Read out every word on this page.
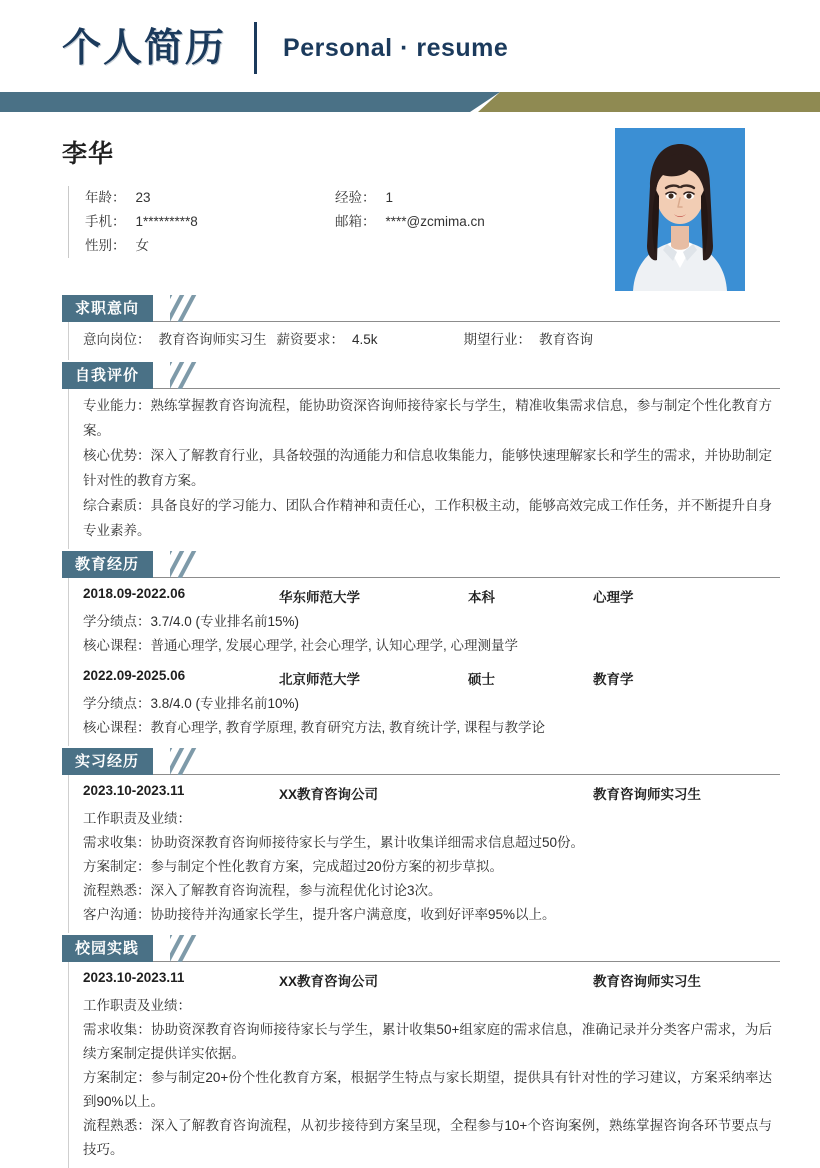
个人简历 Personal · resume
李华
年龄： 23	经验： 1
手机： 1*********8	邮箱： ****@zcmima.cn
性别： 女
求职意向
意向岗位： 教育咨询师实习生 薪资要求： 4.5k	期望行业： 教育咨询
自我评价
专业能力：熟练掌握教育咨询流程，能协助资深咨询师接待家长与学生，精准收集需求信息，参与制定个性化教育方案。
核心优势：深入了解教育行业，具备较强的沟通能力和信息收集能力，能够快速理解家长和学生的需求，并协助制定针对性的教育方案。
综合素质：具备良好的学习能力、团队合作精神和责任心，工作积极主动，能够高效完成工作任务，并不断提升自身专业素养。
教育经历
2018.09-2022.06	华东师范大学	本科	心理学
学分绩点：3.7/4.0 (专业排名前15%)
核心课程：普通心理学, 发展心理学, 社会心理学, 认知心理学, 心理测量学
2022.09-2025.06	北京师范大学	硕士	教育学
学分绩点：3.8/4.0 (专业排名前10%)
核心课程：教育心理学, 教育学原理, 教育研究方法, 教育统计学, 课程与教学论
实习经历
2023.10-2023.11	XX教育咨询公司	教育咨询师实习生
工作职责及业绩：
需求收集：协助资深教育咨询师接待家长与学生，累计收集详细需求信息超过50份。
方案制定：参与制定个性化教育方案，完成超过20份方案的初步草拟。
流程熟悉：深入了解教育咨询流程，参与流程优化讨论3次。
客户沟通：协助接待并沟通家长学生，提升客户满意度，收到好评率95%以上。
校园实践
2023.10-2023.11	XX教育咨询公司	教育咨询师实习生
工作职责及业绩：
需求收集：协助资深教育咨询师接待家长与学生，累计收集50+组家庭的需求信息，准确记录并分类客户需求，为后续方案制定提供详实依据。
方案制定：参与制定20+份个性化教育方案，根据学生特点与家长期望，提供具有针对性的学习建议，方案采纳率达到90%以上。
流程熟悉：深入了解教育咨询流程，从初步接待到方案呈现，全程参与10+个咨询案例，熟练掌握咨询各环节要点与技巧。
